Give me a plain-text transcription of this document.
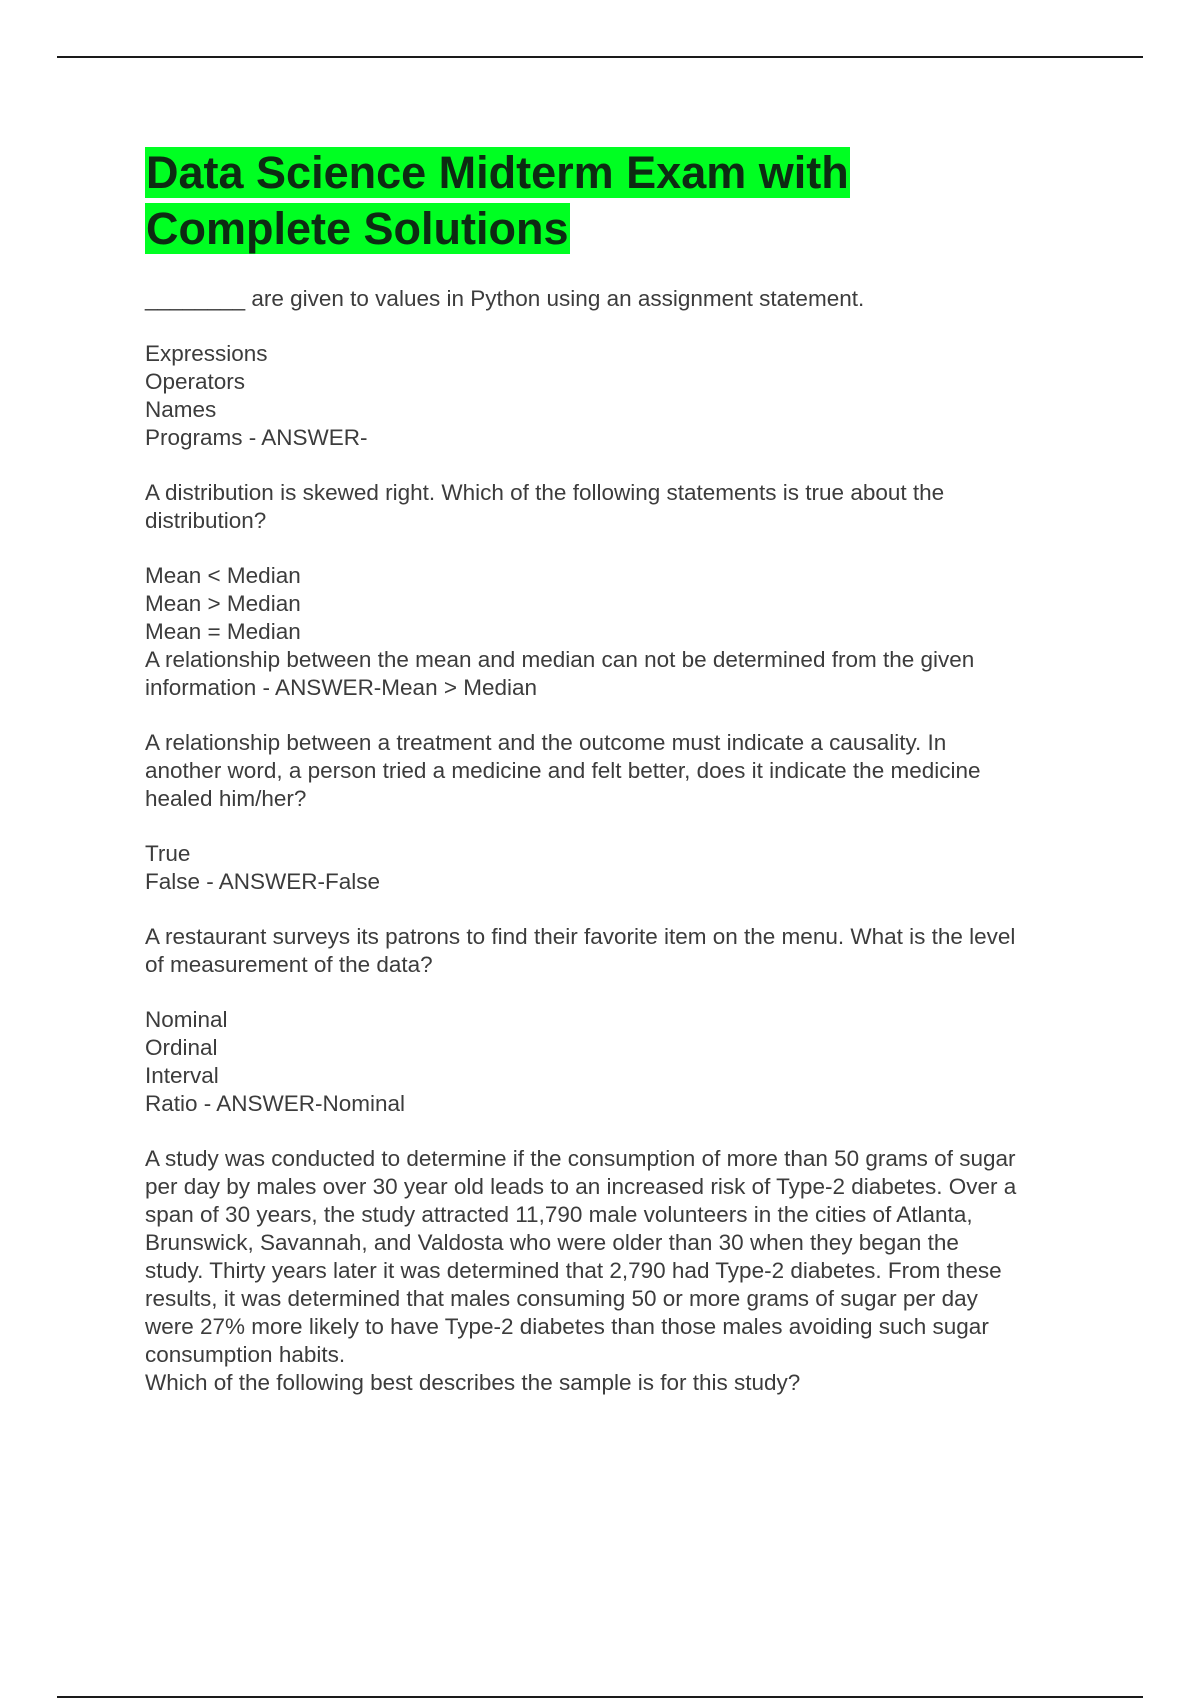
Data Science Midterm Exam with
Complete Solutions

________ are given to values in Python using an assignment statement.

Expressions
Operators
Names
Programs - ANSWER-

A distribution is skewed right. Which of the following statements is true about the
distribution?

Mean < Median
Mean > Median
Mean = Median
A relationship between the mean and median can not be determined from the given
information - ANSWER-Mean > Median

A relationship between a treatment and the outcome must indicate a causality. In
another word, a person tried a medicine and felt better, does it indicate the medicine
healed him/her?

True
False - ANSWER-False

A restaurant surveys its patrons to find their favorite item on the menu. What is the level
of measurement of the data?

Nominal
Ordinal
Interval
Ratio - ANSWER-Nominal

A study was conducted to determine if the consumption of more than 50 grams of sugar
per day by males over 30 year old leads to an increased risk of Type-2 diabetes. Over a
span of 30 years, the study attracted 11,790 male volunteers in the cities of Atlanta,
Brunswick, Savannah, and Valdosta who were older than 30 when they began the
study. Thirty years later it was determined that 2,790 had Type-2 diabetes. From these
results, it was determined that males consuming 50 or more grams of sugar per day
were 27% more likely to have Type-2 diabetes than those males avoiding such sugar
consumption habits.
Which of the following best describes the sample is for this study?
